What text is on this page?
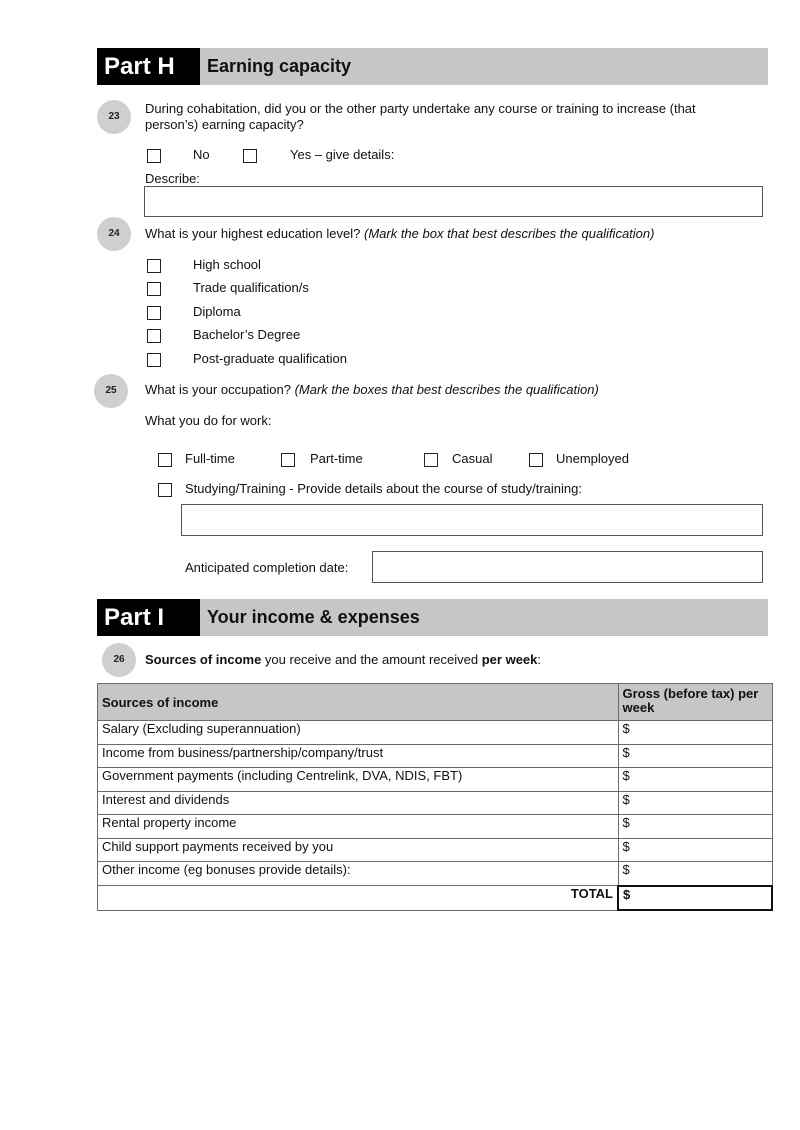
Part H	Earning capacity
23
During cohabitation, did you or the other party undertake any course or training to increase (that person’s) earning capacity?
No	Yes – give details:
Describe:
24	What is your highest education level? (Mark the box that best describes the qualification)
High school
Trade qualification/s
Diploma
Bachelor’s Degree
Post-graduate qualification
25	What is your occupation? (Mark the boxes that best describes the qualification)
What you do for work:
Full-time	Part-time	Casual	Unemployed
Studying/Training - Provide details about the course of study/training:
Anticipated completion date:
Part I	Your income & expenses
26	Sources of income you receive and the amount received per week:
Sources of income	Gross (before tax) per week
Salary (Excluding superannuation)	$
Income from business/partnership/company/trust	$
Government payments (including Centrelink, DVA, NDIS, FBT)	$
Interest and dividends	$
Rental property income	$
Child support payments received by you	$
Other income (eg bonuses provide details):	$
TOTAL	$
